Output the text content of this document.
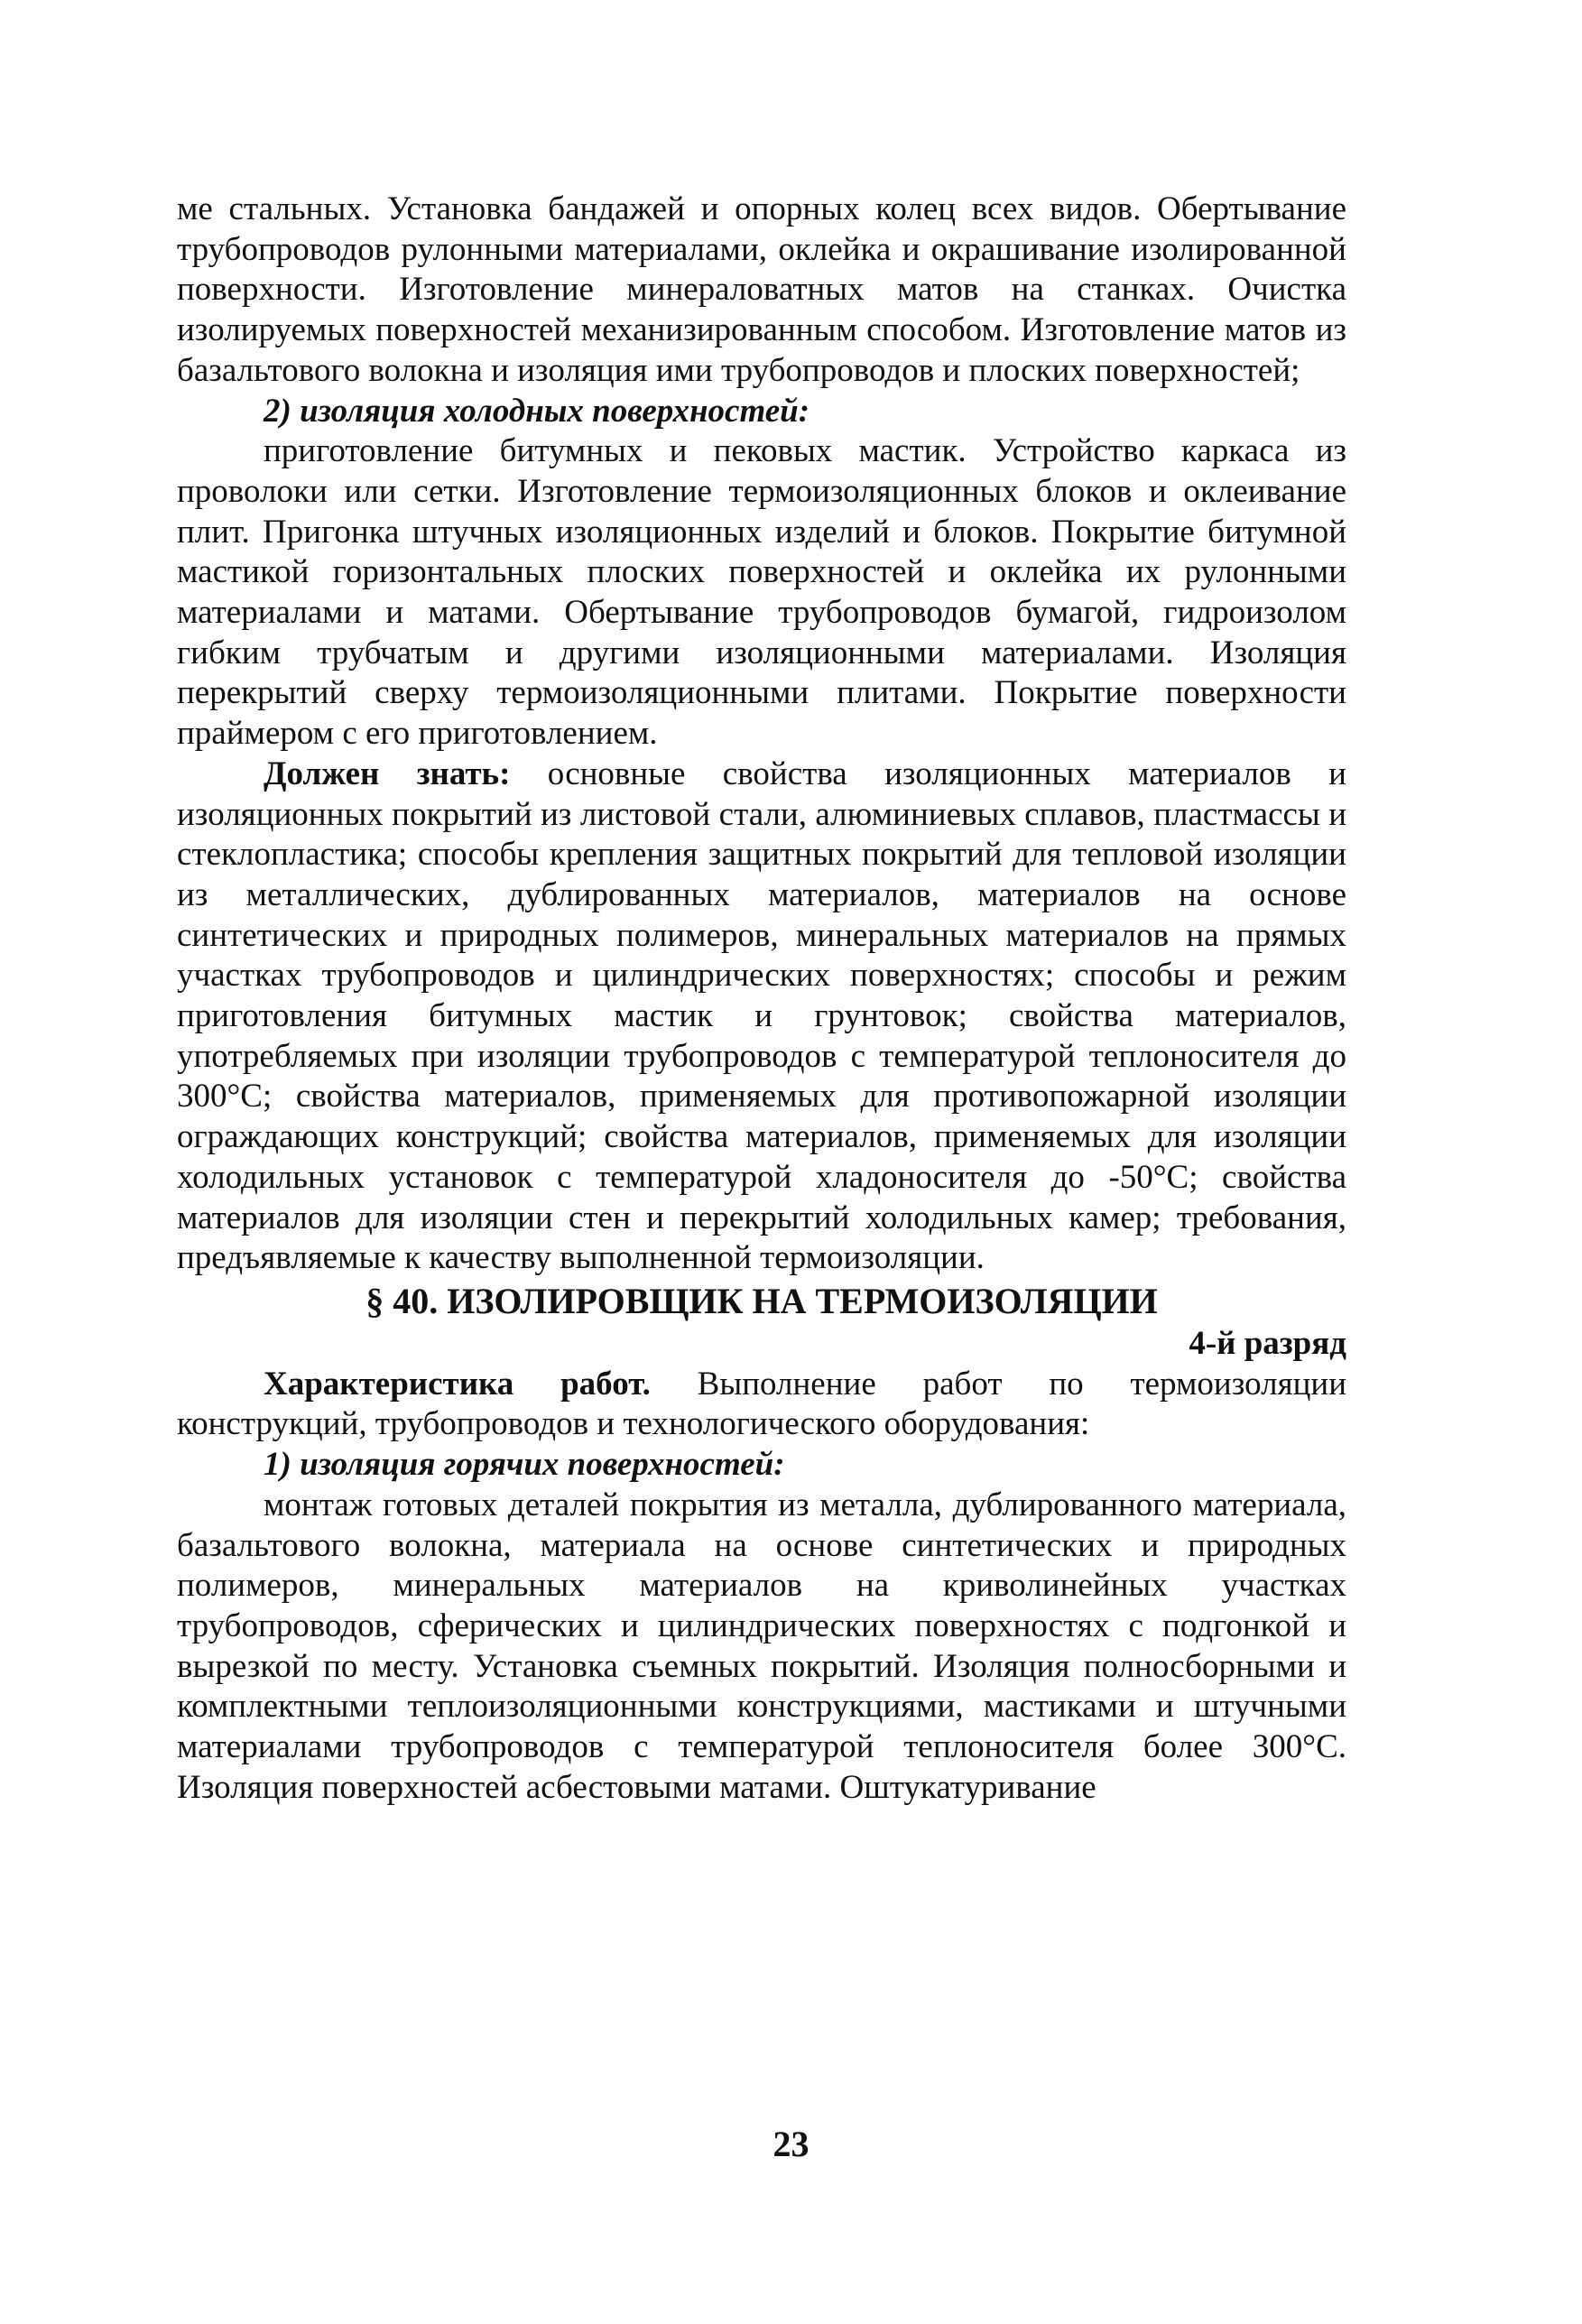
ме стальных. Установка бандажей и опорных колец всех видов. Обертывание трубопроводов рулонными материалами, оклейка и окрашивание изолированной поверхности. Изготовление минераловатных матов на станках. Очистка изолируемых поверхностей механизированным способом. Изготовление матов из базальтового волокна и изоляция ими трубопроводов и плоских поверхностей;

2) изоляция холодных поверхностей:

приготовление битумных и пековых мастик. Устройство каркаса из проволоки или сетки. Изготовление термоизоляционных блоков и оклеивание плит. Пригонка штучных изоляционных изделий и блоков. Покрытие битумной мастикой горизонтальных плоских поверхностей и оклейка их рулонными материалами и матами. Обертывание трубопроводов бумагой, гидроизолом гибким трубчатым и другими изоляционными материалами. Изоляция перекрытий сверху термоизоляционными плитами. Покрытие поверхности праймером с его приготовлением.

Должен знать: основные свойства изоляционных материалов и изоляционных покрытий из листовой стали, алюминиевых сплавов, пластмассы и стеклопластика; способы крепления защитных покрытий для тепловой изоляции из металлических, дублированных материалов, материалов на основе синтетических и природных полимеров, минеральных материалов на прямых участках трубопроводов и цилиндрических поверхностях; способы и режим приготовления битумных мастик и грунтовок; свойства материалов, употребляемых при изоляции трубопроводов с температурой теплоносителя до 300°С; свойства материалов, применяемых для противопожарной изоляции ограждающих конструкций; свойства материалов, применяемых для изоляции холодильных установок с температурой хладоносителя до -50°С; свойства материалов для изоляции стен и перекрытий холодильных камер; требования, предъявляемые к качеству выполненной термоизоляции.

§ 40. ИЗОЛИРОВЩИК НА ТЕРМОИЗОЛЯЦИИ

4-й разряд

Характеристика работ. Выполнение работ по термоизоляции конструкций, трубопроводов и технологического оборудования:

1) изоляция горячих поверхностей:

монтаж готовых деталей покрытия из металла, дублированного материала, базальтового волокна, материала на основе синтетических и природных полимеров, минеральных материалов на криволинейных участках трубопроводов, сферических и цилиндрических поверхностях с подгонкой и вырезкой по месту. Установка съемных покрытий. Изоляция полносборными и комплектными теплоизоляционными конструкциями, мастиками и штучными материалами трубопроводов с температурой теплоносителя более 300°С. Изоляция поверхностей асбестовыми матами. Оштукатуривание

23
